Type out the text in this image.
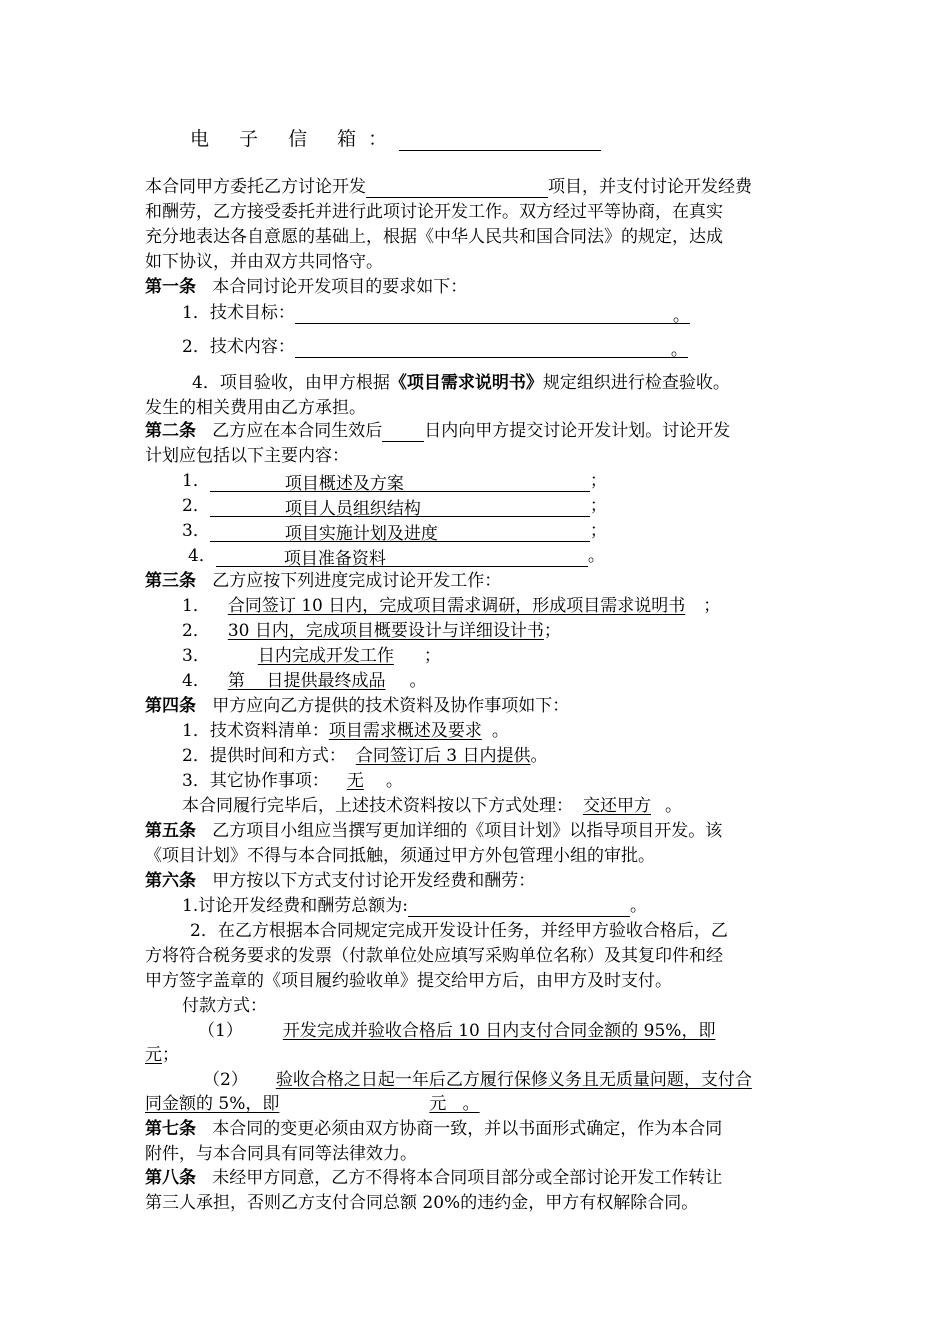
电 子 信 箱：
本合同甲方委托乙方讨论开发	项目，并支付讨论开发经费
和酬劳，乙方接受委托并进行此项讨论开发工作。双方经过平等协商，在真实
充分地表达各自意愿的基础上，根据《中华人民共和国合同法》的规定，达成
如下协议，并由双方共同恪守。
第一条 本合同讨论开发项目的要求如下：
1．技术目标：	。
2．技术内容：	。
4．项目验收，由甲方根据《项目需求说明书》规定组织进行检查验收。
发生的相关费用由乙方承担。
第二条 乙方应在本合同生效后 日内向甲方提交讨论开发计划。讨论开发
计划应包括以下主要内容：
1．	项目概述及方案	；
2．	项目人员组织结构	；
3．	项目实施计划及进度	；
4．	项目准备资料	。
第三条 乙方应按下列进度完成讨论开发工作：
1． 合同签订 10 日内，完成项目需求调研，形成项目需求说明书 ；
2． 30 日内，完成项目概要设计与详细设计书；
3．	日内完成开发工作 ；
4． 第    日提供最终成品 。
第四条 甲方应向乙方提供的技术资料及协作事项如下：
1．技术资料清单：项目需求概述及要求 。
2．提供时间和方式： 合同签订后 3 日内提供。
3．其它协作事项： 无 。
本合同履行完毕后，上述技术资料按以下方式处理： 交还甲方 。
第五条 乙方项目小组应当撰写更加详细的《项目计划》以指导项目开发。该
《项目计划》不得与本合同抵触，须通过甲方外包管理小组的审批。
第六条 甲方按以下方式支付讨论开发经费和酬劳：
1.讨论开发经费和酬劳总额为:	。
2．在乙方根据本合同规定完成开发设计任务，并经甲方验收合格后，乙
方将符合税务要求的发票（付款单位处应填写采购单位名称）及其复印件和经
甲方签字盖章的《项目履约验收单》提交给甲方后，由甲方及时支付。
付款方式：
（1） 开发完成并验收合格后 10 日内支付合同金额的 95%，即
元；
（2） 验收合格之日起一年后乙方履行保修义务且无质量问题，支付合
同金额的 5%，即	元 。
第七条 本合同的变更必须由双方协商一致，并以书面形式确定，作为本合同
附件，与本合同具有同等法律效力。
第八条 未经甲方同意，乙方不得将本合同项目部分或全部讨论开发工作转让
第三人承担，否则乙方支付合同总额 20%的违约金，甲方有权解除合同。
